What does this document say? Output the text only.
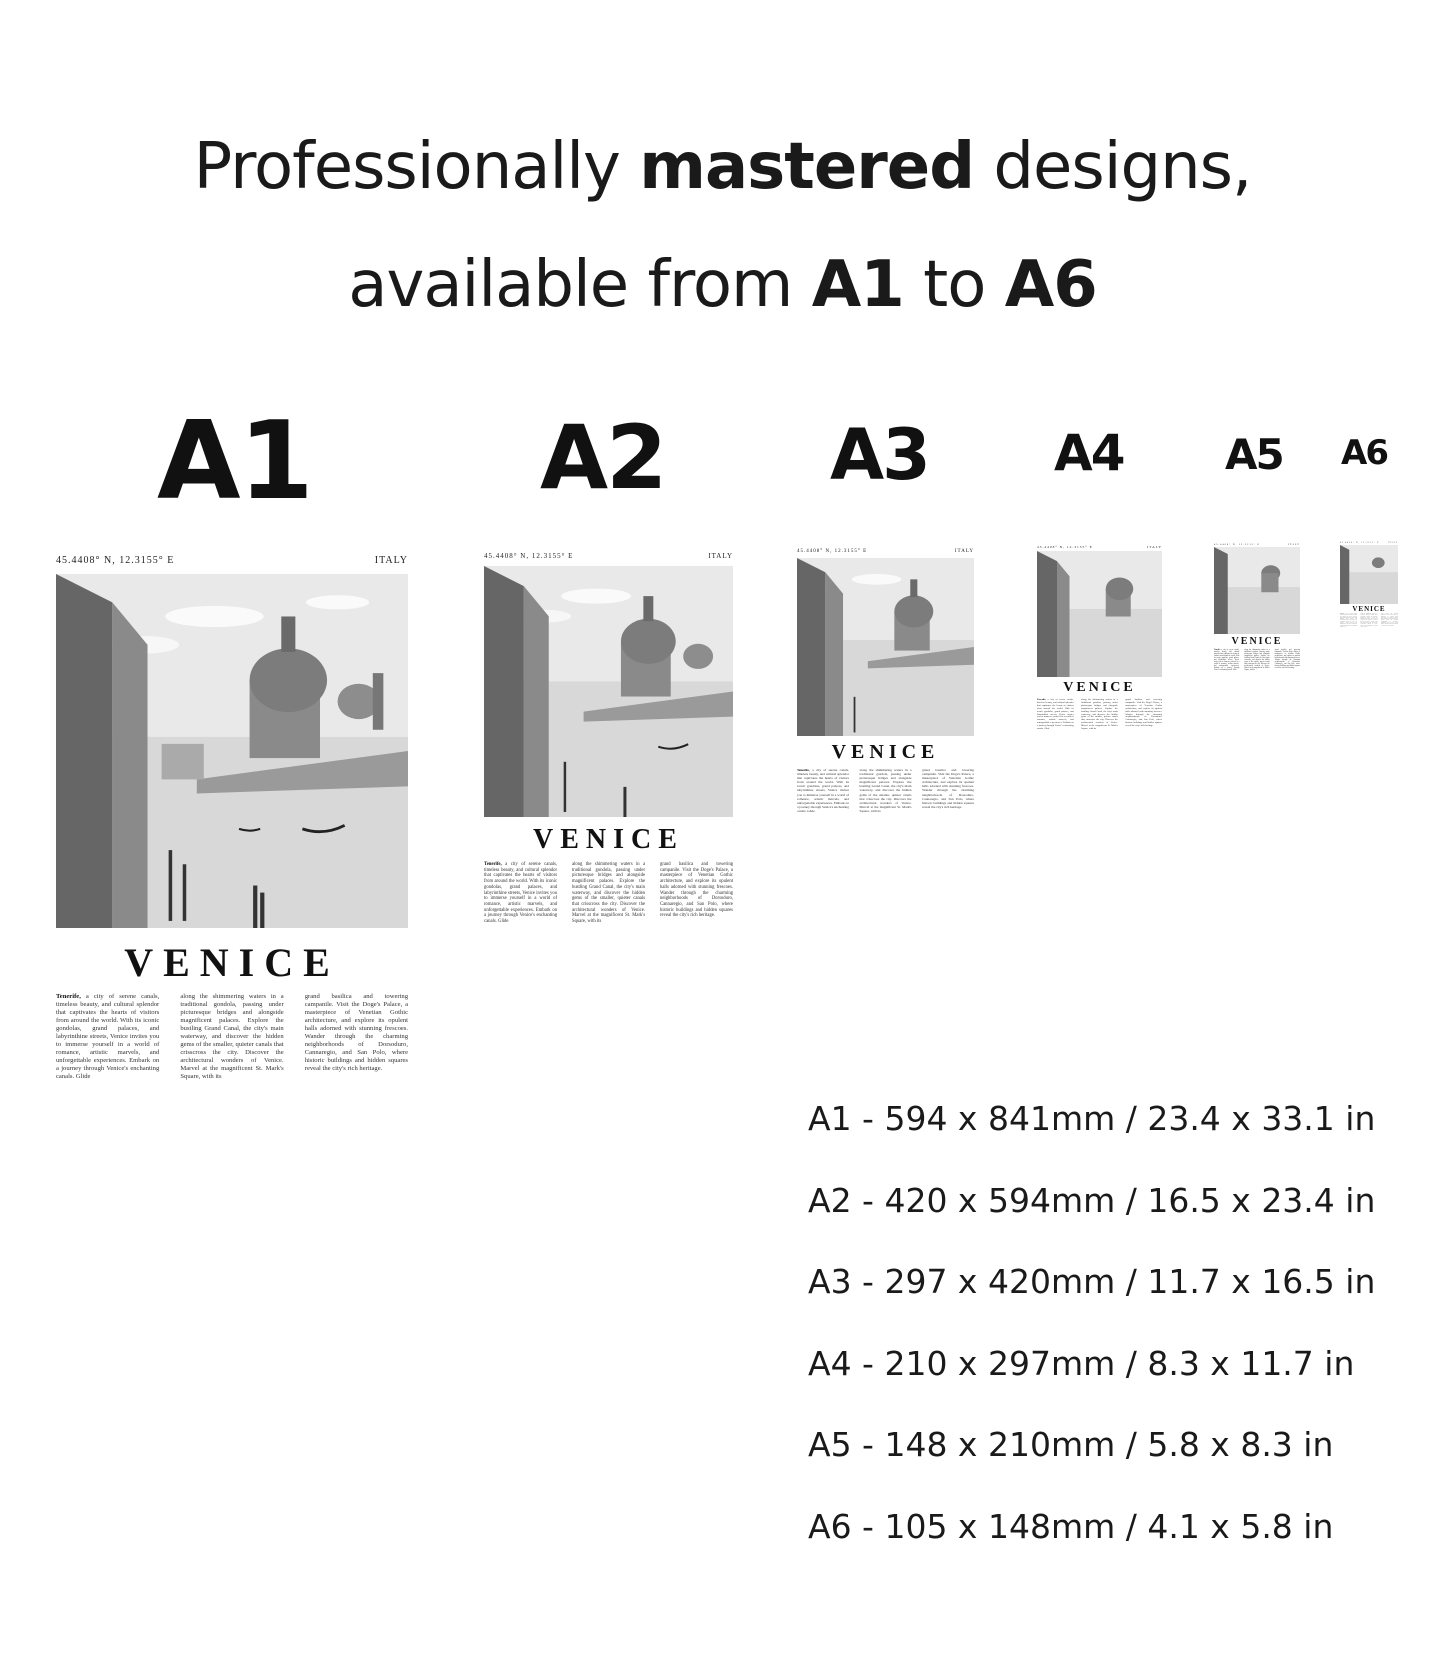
Professionally mastered designs,
available from A1 to A6
A1	A2 A3	A4 A5 A6
45.4408° N, 12.3155° E	ITALY
VENICE
Tenerife, a city of serene canals, timeless beauty, and cultural splendor that captivates the hearts of visitors from around the world. With its iconic gondolas, grand palaces, and labyrinthine streets, Venice invites you to immerse yourself in a world of romance, artistic marvels, and unforgettable experiences. Embark on a journey through Venice's enchanting canals. Glide
along the shimmering waters in a traditional gondola, passing under picturesque bridges and alongside magnificent palaces. Explore the bustling Grand Canal, the city's main waterway, and discover the hidden gems of the smaller, quieter canals that crisscross the city. Discover the architectural wonders of Venice. Marvel at the magnificent St. Mark's Square, with its
grand basilica and towering campanile. Visit the Doge's Palace, a masterpiece of Venetian Gothic architecture, and explore its opulent halls adorned with stunning frescoes. Wander through the charming neighborhoods of Dorsoduro, Cannaregio, and San Polo, where historic buildings and hidden squares reveal the city's rich heritage.
45.4408° N, 12.3155° E	ITALY
VENICE
Tenerife, a city of serene canals, timeless beauty, and cultural splendor that captivates the hearts of visitors from around the world. With its iconic gondolas, grand palaces, and labyrinthine streets, Venice invites you to immerse yourself in a world of romance, artistic marvels, and unforgettable experiences. Embark on a journey through Venice's enchanting canals. Glide
along the shimmering waters in a traditional gondola, passing under picturesque bridges and alongside magnificent palaces. Explore the bustling Grand Canal, the city's main waterway, and discover the hidden gems of the smaller, quieter canals that crisscross the city. Discover the architectural wonders of Venice. Marvel at the magnificent St. Mark's Square, with its
grand basilica and towering campanile. Visit the Doge's Palace, a masterpiece of Venetian Gothic architecture, and explore its opulent halls adorned with stunning frescoes. Wander through the charming neighborhoods of Dorsoduro, Cannaregio, and San Polo, where historic buildings and hidden squares reveal the city's rich heritage.
45.4408° N, 12.3155° E	ITALY
VENICE
Tenerife, a city of serene canals, timeless beauty, and cultural splendor that captivates the hearts of visitors from around the world. With its iconic gondolas, grand palaces, and labyrinthine streets, Venice invites you to immerse yourself in a world of romance, artistic marvels, and unforgettable experiences. Embark on a journey through Venice's enchanting canals. Glide
along the shimmering waters in a traditional gondola, passing under picturesque bridges and alongside magnificent palaces. Explore the bustling Grand Canal, the city's main waterway, and discover the hidden gems of the smaller, quieter canals that crisscross the city. Discover the architectural wonders of Venice. Marvel at the magnificent St. Mark's Square, with its
grand basilica and towering campanile. Visit the Doge's Palace, a masterpiece of Venetian Gothic architecture, and explore its opulent halls adorned with stunning frescoes. Wander through the charming neighborhoods of Dorsoduro, Cannaregio, and San Polo, where historic buildings and hidden squares reveal the city's rich heritage.
45.4408° N, 12.3155° E	ITALY
VENICE
Tenerife, a city of serene canals, timeless beauty, and cultural splendor that captivates the hearts of visitors from around the world. With its iconic gondolas, grand palaces, and labyrinthine streets, Venice invites you to immerse yourself in a world of romance, artistic marvels, and unforgettable experiences. Embark on a journey through Venice's enchanting canals. Glide
along the shimmering waters in a traditional gondola, passing under picturesque bridges and alongside magnificent palaces. Explore the bustling Grand Canal, the city's main waterway, and discover the hidden gems of the smaller, quieter canals that crisscross the city. Discover the architectural wonders of Venice. Marvel at the magnificent St. Mark's Square, with its
grand basilica and towering campanile. Visit the Doge's Palace, a masterpiece of Venetian Gothic architecture, and explore its opulent halls adorned with stunning frescoes. Wander through the charming neighborhoods of Dorsoduro, Cannaregio, and San Polo, where historic buildings and hidden squares reveal the city's rich heritage.
45.4408° N, 12.3155° E	ITALY
VENICE
Tenerife, a city of serene canals, timeless beauty, and cultural splendor that captivates the hearts of visitors from around the world. With its iconic gondolas, grand palaces, and labyrinthine streets, Venice invites you to immerse yourself in a world of romance, artistic marvels, and unforgettable experiences. Embark on a journey through Venice's enchanting canals. Glide
along the shimmering waters in a traditional gondola, passing under picturesque bridges and alongside magnificent palaces. Explore the bustling Grand Canal, the city's main waterway, and discover the hidden gems of the smaller, quieter canals that crisscross the city. Discover the architectural wonders of Venice. Marvel at the magnificent St. Mark's Square, with its
grand basilica and towering campanile. Visit the Doge's Palace, a masterpiece of Venetian Gothic architecture, and explore its opulent halls adorned with stunning frescoes. Wander through the charming neighborhoods of Dorsoduro, Cannaregio, and San Polo, where historic buildings and hidden squares reveal the city's rich heritage.
45.4408° N, 12.3155° E	ITALY
VENICE
Tenerife, a city of serene canals, timeless beauty, and cultural splendor that captivates the hearts of visitors from around the world. With its iconic gondolas, grand palaces, and labyrinthine streets, Venice invites you to immerse yourself in a world of romance, artistic marvels, and unforgettable experiences. Embark on a journey through Venice's enchanting canals. Glide
along the shimmering waters in a traditional gondola, passing under picturesque bridges and alongside magnificent palaces. Explore the bustling Grand Canal, the city's main waterway, and discover the hidden gems of the smaller, quieter canals that crisscross the city. Discover the architectural wonders of Venice. Marvel at the magnificent St. Mark's Square, with its
grand basilica and towering campanile. Visit the Doge's Palace, a masterpiece of Venetian Gothic architecture, and explore its opulent halls adorned with stunning frescoes. Wander through the charming neighborhoods of Dorsoduro, Cannaregio, and San Polo, where historic buildings and hidden squares reveal the city's rich heritage.
A1 - 594 x 841mm / 23.4 x 33.1 in
A2 - 420 x 594mm / 16.5 x 23.4 in
A3 - 297 x 420mm / 11.7 x 16.5 in
A4 - 210 x 297mm / 8.3 x 11.7 in
A5 - 148 x 210mm / 5.8 x 8.3 in
A6 - 105 x 148mm / 4.1 x 5.8 in
